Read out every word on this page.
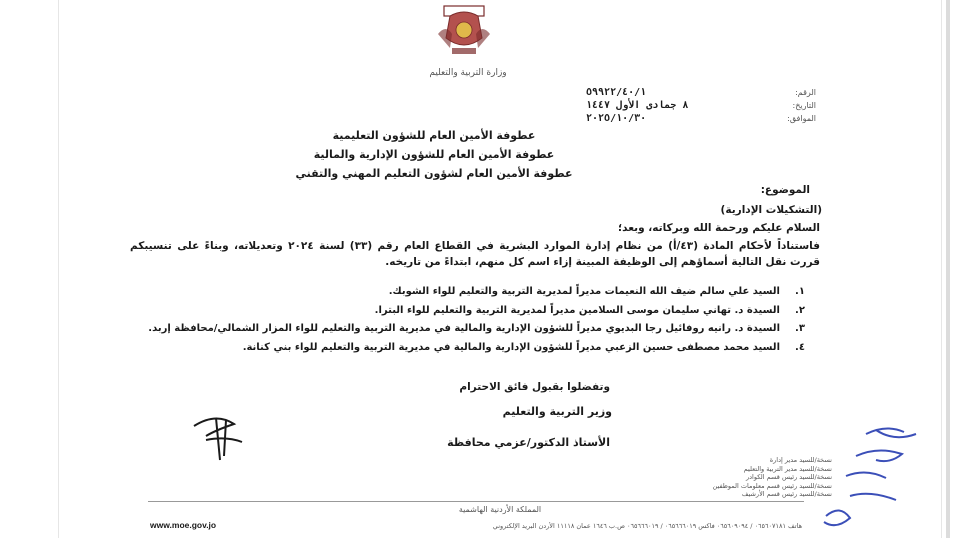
وزارة التربية والتعليم
الرقم:
٥٩٩٢٢/٤٠/١
التاريخ:
٨ جمادى الأول ١٤٤٧
الموافق:
٢٠٢٥/١٠/٣٠
عطوفة الأمين العام للشؤون التعليمية
عطوفة الأمين العام للشؤون الإدارية والمالية
عطوفة الأمين العام لشؤون التعليم المهني والتقني
الموضوع:
(التشكيلات الإدارية)
السلام عليكم ورحمة الله وبركاته، وبعد؛
فاستناداً لأحكام المادة (٤٣/أ) من نظام إدارة الموارد البشرية في القطاع العام رقم (٣٣) لسنة ٢٠٢٤ وتعديلاته، وبناءً على تنسيبكم قررت نقل التالية أسماؤهم إلى الوظيفة المبينة إزاء اسم كل منهم، ابتداءً من تاريخه.
١.
السيد علي سالم ضيف الله النعيمات مديراً لمديرية التربية والتعليم للواء الشوبك.
٢.
السيدة د. تهاني سليمان موسى السلامين مديراً لمديرية التربية والتعليم للواء البترا.
٣.
السيدة د. رانيه روفائيل رجا البديوي مديراً للشؤون الإدارية والمالية في مديرية التربية والتعليم للواء المزار الشمالي/محافظة إربد.
٤.
السيد محمد مصطفى حسين الزعبي مديراً للشؤون الإدارية والمالية في مديرية التربية والتعليم للواء بني كنانة.
وتفضلوا بقبول فائق الاحترام
وزير التربية والتعليم
الأستاذ الدكتور/عزمي محافظة
نسخة/للسيد مدير إدارة
نسخة/للسيد مدير التربية والتعليم
نسخة/للسيد رئيس قسم الكوادر
نسخة/للسيد رئيس قسم معلومات الموظفين
نسخة/للسيد رئيس قسم الأرشيف
المملكة الأردنية الهاشمية
هاتف ٠٦٥٦٠٧١٨١ / ٠٦٥٦٠٩٠٩٤ فاكس ٠٦٥٦٦٦٠١٩ / ٠٦٥٦٦٦٠١٩ ص.ب ١٦٤٦ عمان ١١١١٨ الأردن البريد الإلكتروني
www.moe.gov.jo
